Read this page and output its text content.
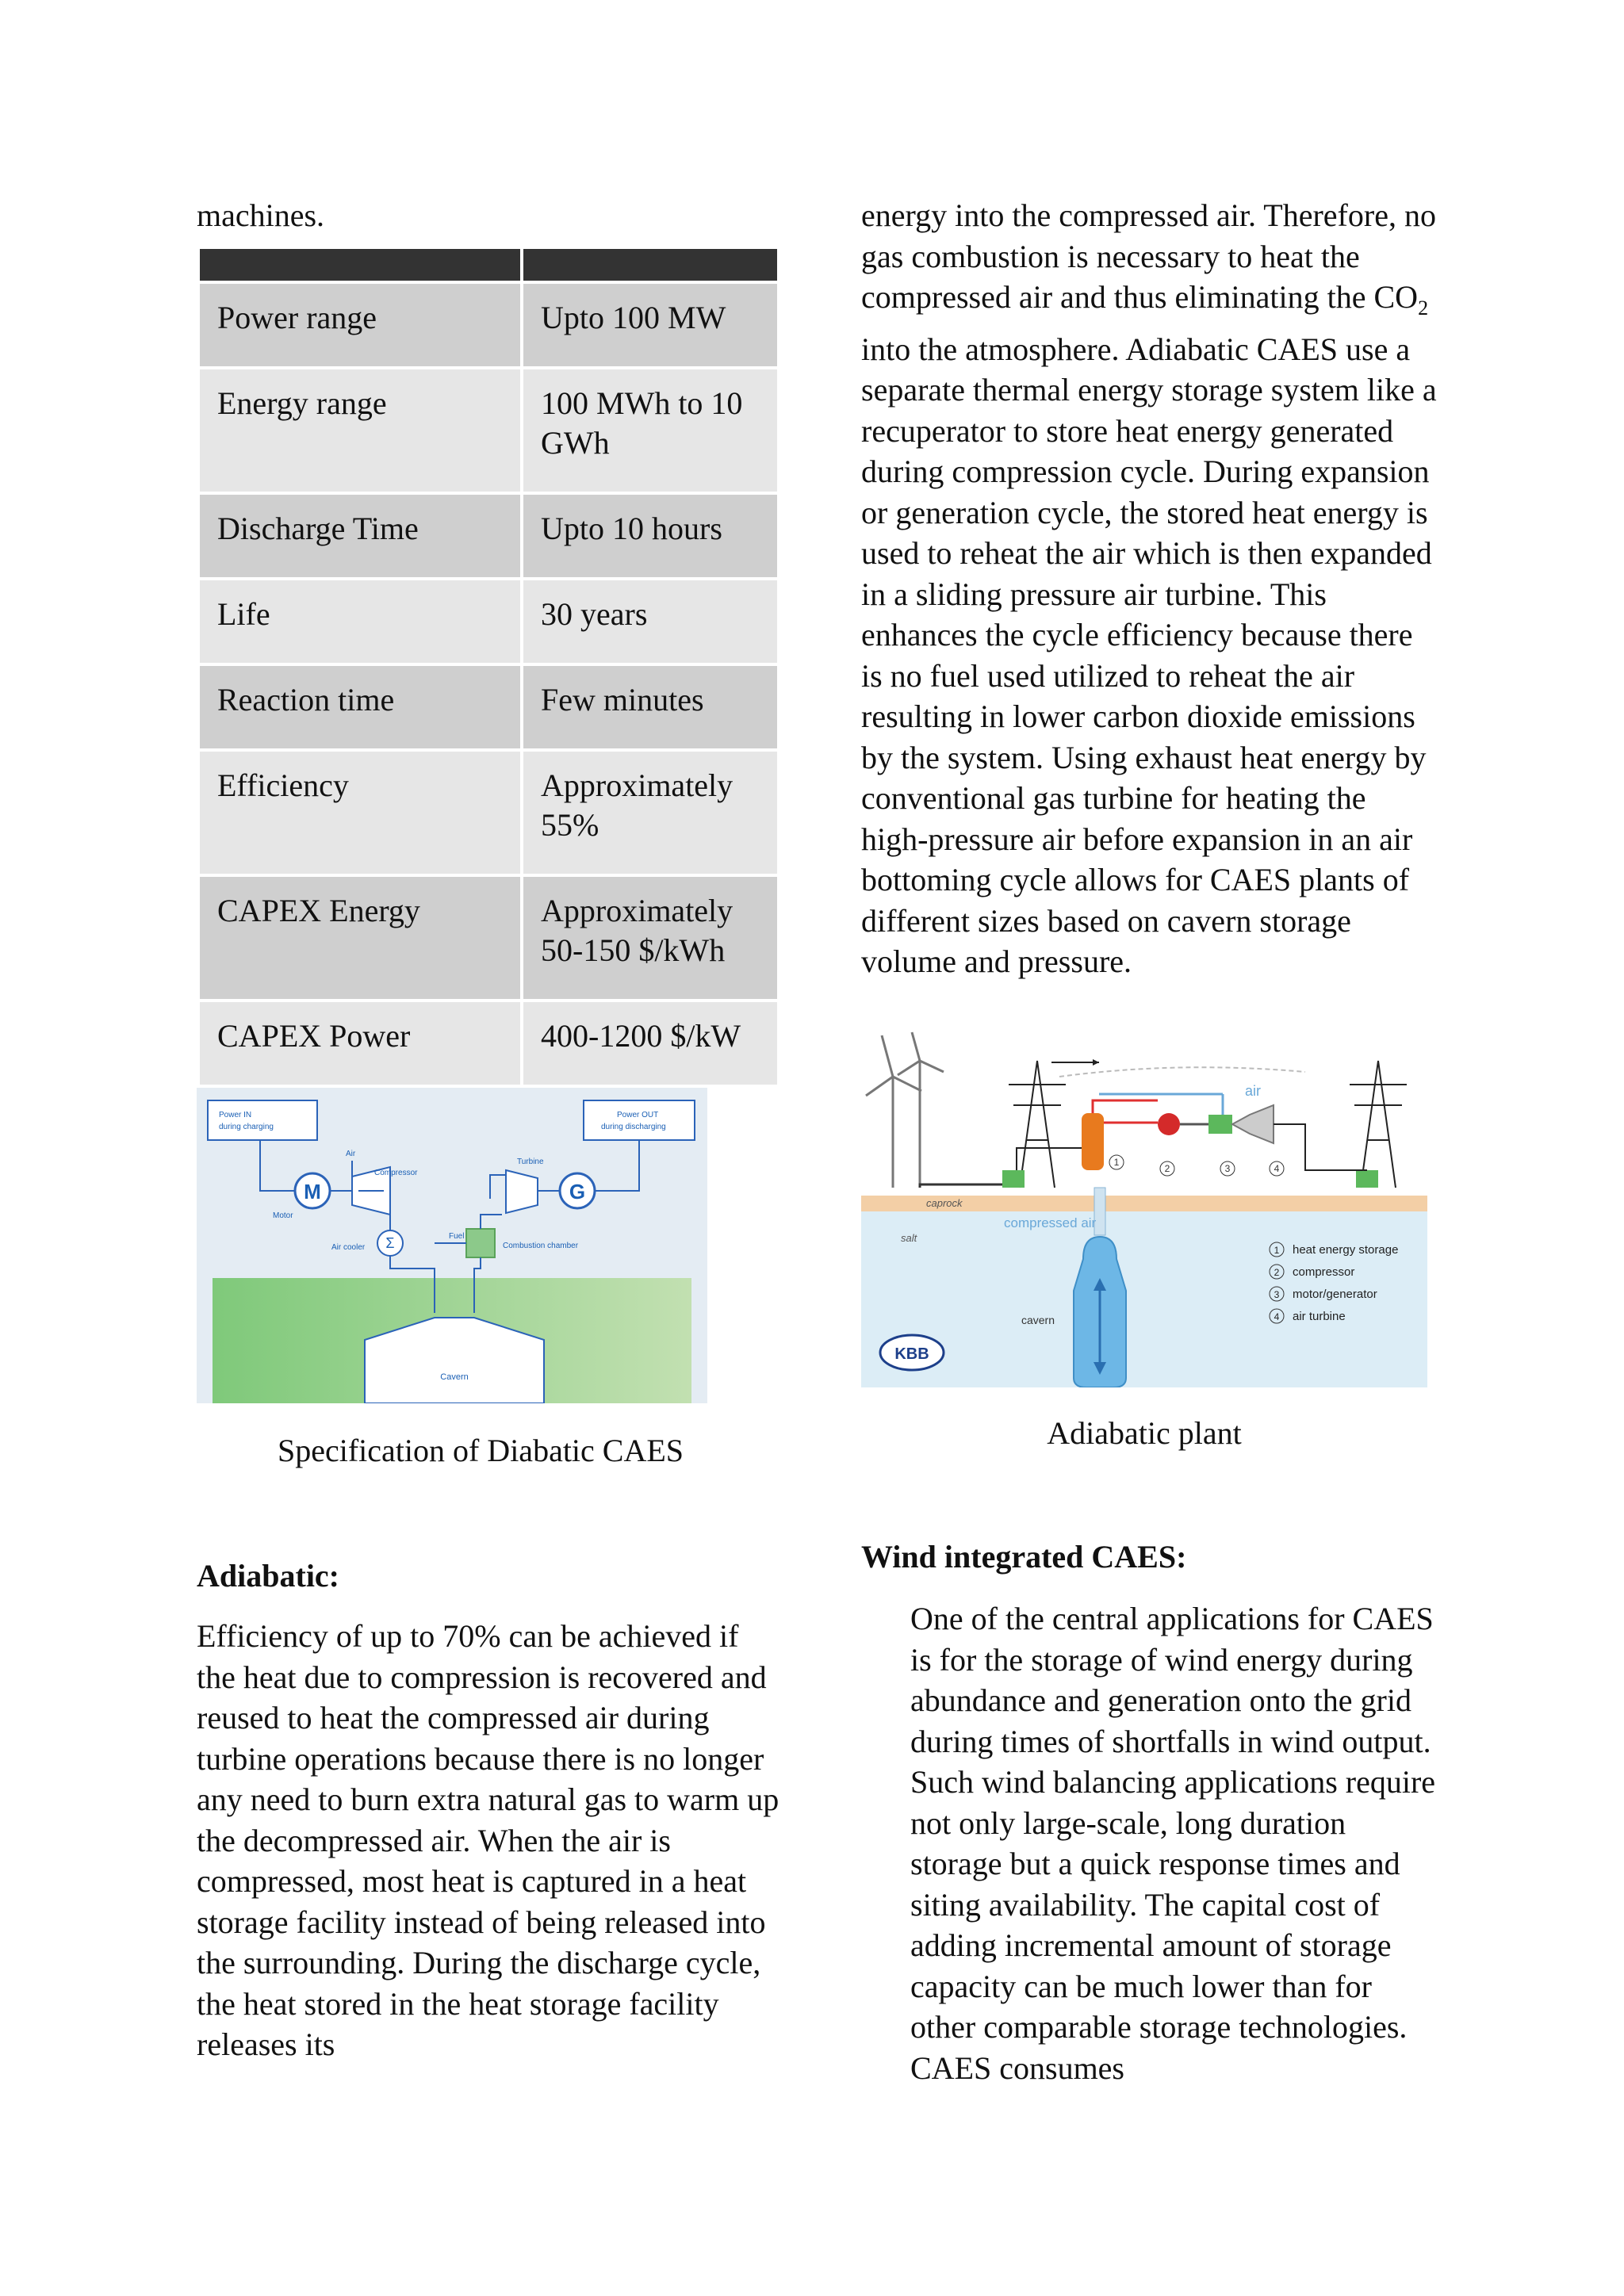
machines.

Power range	Upto 100 MW
Energy range	100 MWh to 10 GWh
Discharge Time	Upto 10 hours
Life	30 years
Reaction time	Few minutes
Efficiency	Approximately 55%
CAPEX Energy	Approximately 50-150 $/kWh
CAPEX Power	400-1200 $/kW
Cavern
Power IN
during charging
Power OUT
during discharging
M
Motor
Compressor
Air
Σ
Air cooler	Combustion chamber
Fuel
Turbine
G
Specification of Diabatic CAES
Adiabatic:

Efficiency of up to 70% can be achieved if the heat due to compression is recovered and reused to heat the compressed air during turbine operations because there is no longer any need to burn extra natural gas to warm up the decompressed air. When the air is compressed, most heat is captured in a heat storage facility instead of being released into the surrounding. During the discharge cycle, the heat stored in the heat storage facility releases its

energy into the compressed air. Therefore, no gas combustion is necessary to heat the compressed air and thus eliminating the $CO_2$ into the atmosphere. Adiabatic CAES use a separate thermal energy storage system like a recuperator to store heat energy generated during compression cycle. During expansion or generation cycle, the stored heat energy is used to reheat the air which is then expanded in a sliding pressure air turbine. This enhances the cycle efficiency because there is no fuel used utilized to reheat the air resulting in lower carbon dioxide emissions by the system. Using exhaust heat energy by conventional gas turbine for heating the high-pressure air before expansion in an air bottoming cycle allows for CAES plants of different sizes based on cavern storage volume and pressure.

caprock
salt
air
1
2	3	4
compressed air
cavern
1 heat energy storage
2 compressor
3 motor/generator
4 air turbine
KBB
Adiabatic plant
Wind integrated CAES:

One of the central applications for CAES is for the storage of wind energy during abundance and generation onto the grid during times of shortfalls in wind output. Such wind balancing applications require not only large-scale, long duration storage but a quick response times and siting availability. The capital cost of adding incremental amount of storage capacity can be much lower than for other comparable storage technologies. CAES consumes
